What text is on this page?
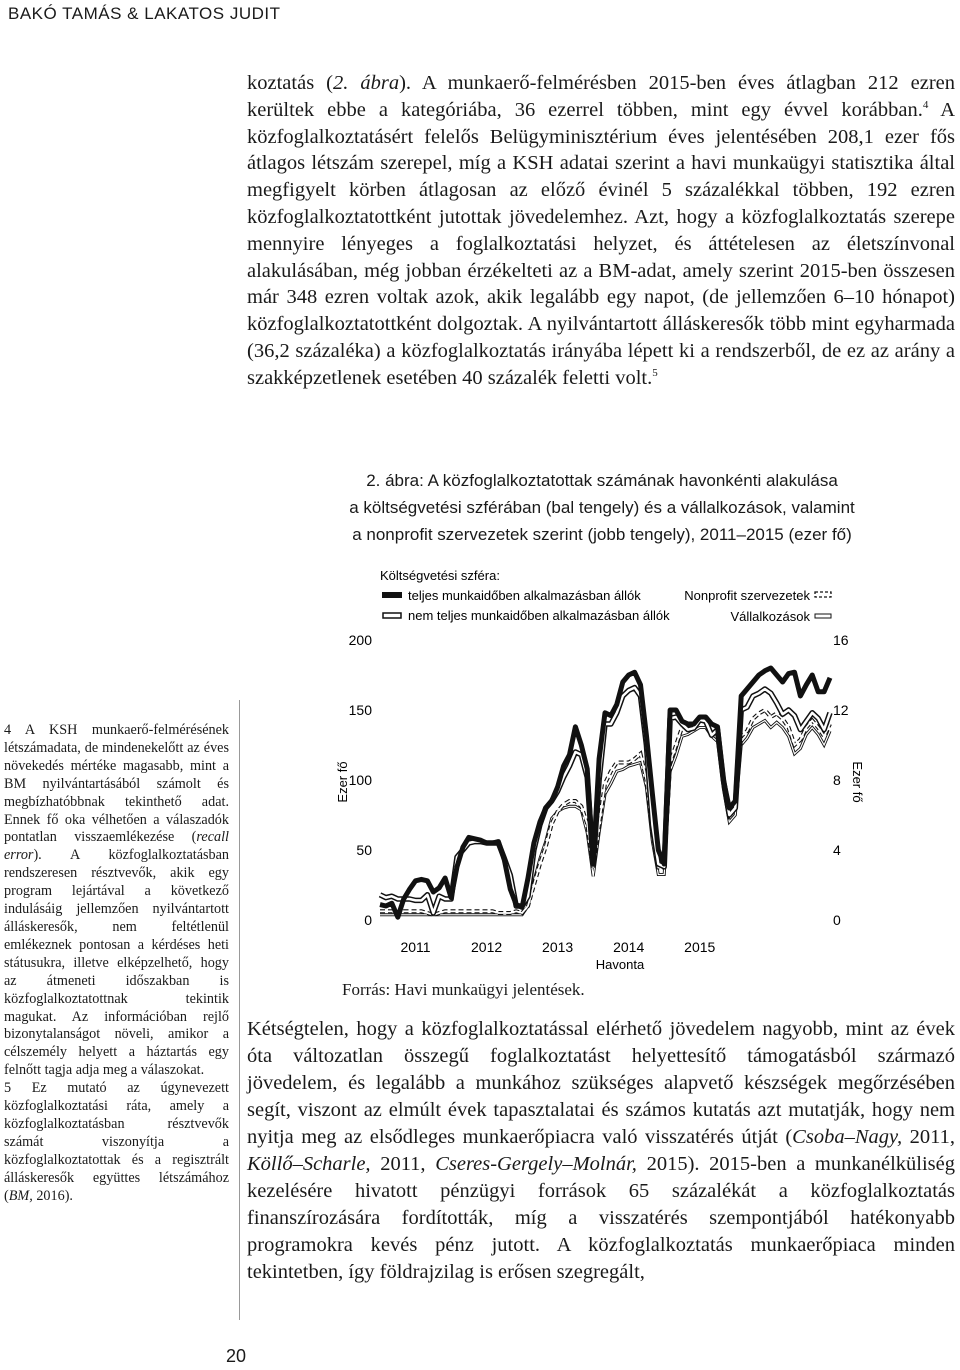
BAKÓ TAMÁS & LAKATOS JUDIT

koztatás (2. ábra). A munkaerő-felmérésben 2015-ben éves átlagban 212 ezren kerültek ebbe a kategóriába, 36 ezerrel többen, mint egy évvel korábban.$^4$ A közfoglalkoztatásért felelős Belügyminisztérium éves jelentésében 208,1 ezer fős átlagos létszám szerepel, míg a KSH adatai szerint a havi munkaügyi statisztika által megfigyelt körben átlagosan az előző évinél 5 százalékkal többen, 192 ezren közfoglalkoztatottként jutottak jövedelemhez. Azt, hogy a közfoglalkoztatás szerepe mennyire lényeges a foglalkoztatási helyzet, és áttételesen az életszínvonal alakulásában, még jobban érzékelteti az a BM-adat, amely szerint 2015-ben összesen már 348 ezren voltak azok, akik legalább egy napot, (de jellemzően 6–10 hónapot) közfoglalkoztatottként dolgoztak. A nyilvántartott álláskeresők több mint egyharmada (36,2 százaléka) a közfoglalkoztatás irányába lépett ki a rendszerből, de ez az arány a szakképzetlenek esetében 40 százalék feletti volt.$^5$

2. ábra: A közfoglalkoztatottak számának havonkénti alakulása
a költségvetési szférában (bal tengely) és a vállalkozások, valamint
a nonprofit szervezetek szerint (jobb tengely), 2011–2015 (ezer fő)
Költségvetési szféra:
teljes munkaidőben alkalmazásban állók
nem teljes munkaidőben alkalmazásban állók
Nonprofit szervezetek
Vállalkozások
0
50
100
150
200
0
4
8
12
16
2011	2012	2013	2014	2015
Havonta
Ezer fő	Ezer fő
Forrás: Havi munkaügyi jelentések.

Kétségtelen, hogy a közfoglalkoztatással elérhető jövedelem nagyobb, mint az évek óta változatlan összegű foglalkoztatást helyettesítő támogatásból származó jövedelem, és legalább a munkához szükséges alapvető készségek megőrzésében segít, viszont az elmúlt évek tapasztalatai és számos kutatás azt mutatják, hogy nem nyitja meg az elsődleges munkaerőpiacra való visszatérés útját (Csoba–Nagy, 2011, Köllő–Scharle, 2011, Cseres-Gergely–Molnár, 2015). 2015-ben a munkanélküliség kezelésére hivatott pénzügyi források 65 százalékát a közfoglalkoztatás finanszírozására fordították, míg a visszatérés szempontjából hatékonyabb programokra kevés pénz jutott. A közfoglalkoztatás munkaerőpiaca minden tekintetben, így földrajzilag is erősen szegregált,

4 A KSH munkaerő-felmérésének létszámadata, de mindenekelőtt az éves növekedés mértéke magasabb, mint a BM nyilvántartásából számolt és megbízhatóbbnak tekinthető adat. Ennek fő oka vélhetően a válaszadók pontatlan visszaemlékezése (recall error). A közfoglalkoztatásban rendszeresen résztvevők, akik egy program lejártával a következő indulásáig jellemzően nyilvántartott álláskeresők, nem feltétlenül emlékeznek pontosan a kérdéses heti státusukra, illetve elképzelhető, hogy az átmeneti időszakban is közfoglalkoztatottnak tekintik magukat. Az információban rejlő bizonytalanságot növeli, amikor a célszemély helyett a háztartás egy felnőtt tagja adja meg a válaszokat.

5 Ez mutató az úgynevezett közfoglalkoztatási ráta, amely a közfoglalkoztatásban résztvevők számát viszonyítja a közfoglalkoztatottak és a regisztrált álláskeresők együttes létszámához (BM, 2016).

20
